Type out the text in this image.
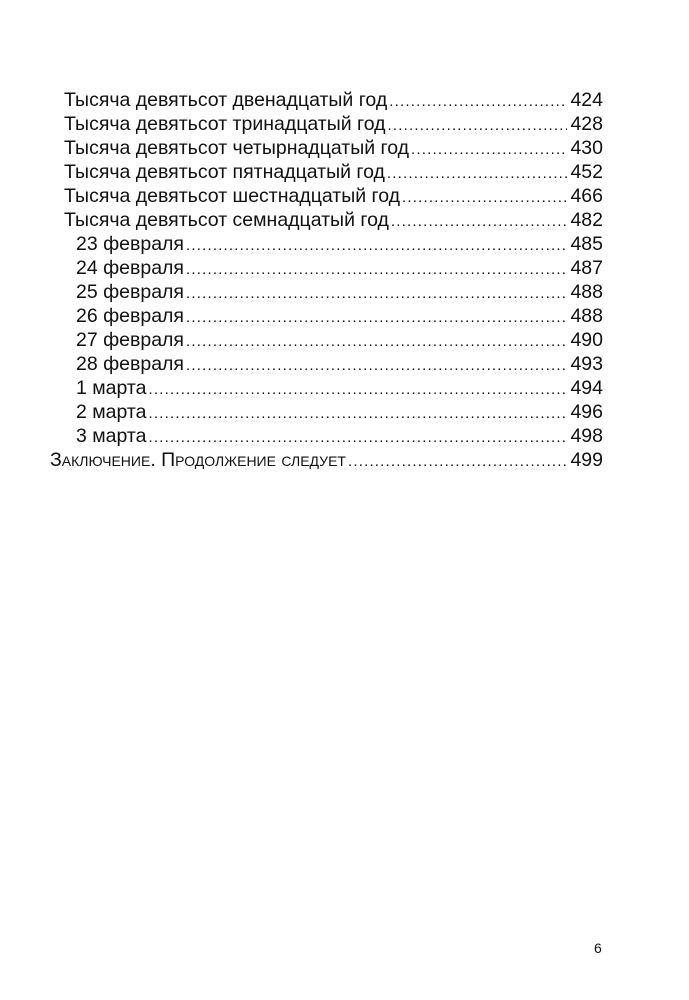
Тысяча девятьсот двенадцатый год .....	424
Тысяча девятьсот тринадцатый год .....	428
Тысяча девятьсот четырнадцатый год .....	430
Тысяча девятьсот пятнадцатый год .....	452
Тысяча девятьсот шестнадцатый год .....	466
Тысяча девятьсот семнадцатый год .....	482
23 февраля .....	485
24 февраля .....	487
25 февраля .....	488
26 февраля .....	488
27 февраля .....	490
28 февраля .....	493
1 марта .....	494
2 марта .....	496
3 марта .....	498
Заключение. Продолжение следует .....	499
6
